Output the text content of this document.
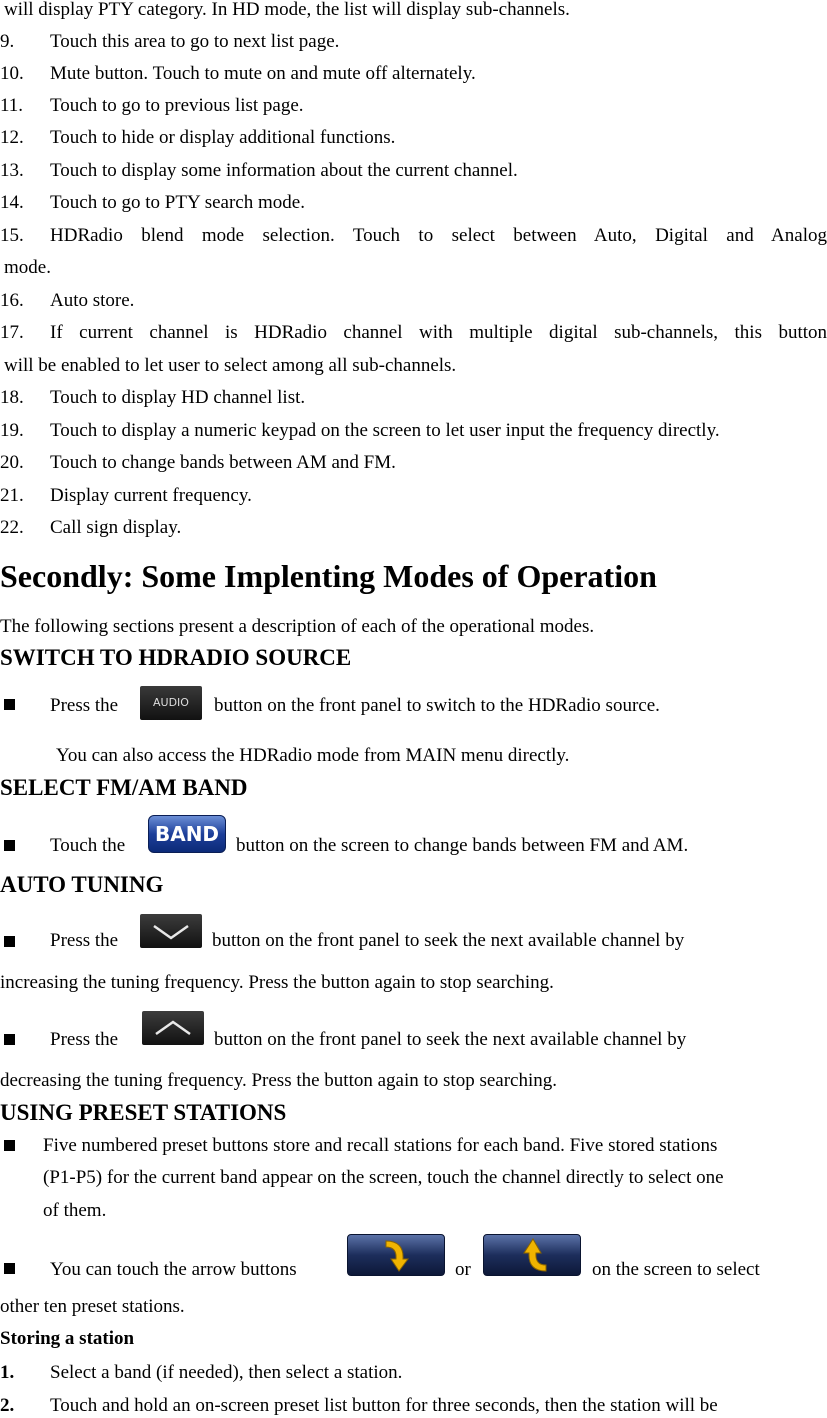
will display PTY category. In HD mode, the list will display sub-channels.
9. Touch this area to go to next list page.
10. Mute button. Touch to mute on and mute off alternately.
11. Touch to go to previous list page.
12. Touch to hide or display additional functions.
13. Touch to display some information about the current channel.
14. Touch to go to PTY search mode.
15. HDRadio blend mode selection. Touch to select between Auto, Digital and Analog
mode.
16. Auto store.
17. If current channel is HDRadio channel with multiple digital sub-channels, this button
will be enabled to let user to select among all sub-channels.
18. Touch to display HD channel list.
19. Touch to display a numeric keypad on the screen to let user input the frequency directly.
20. Touch to change bands between AM and FM.
21. Display current frequency.
22. Call sign display.
Secondly: Some Implenting Modes of Operation
The following sections present a description of each of the operational modes.
SWITCH TO HDRADIO SOURCE
Press the	AUDIO	button on the front panel to switch to the HDRadio source.
You can also access the HDRadio mode from MAIN menu directly.
SELECT FM/AM BAND
Touch the	BAND button on the screen to change bands between FM and AM.
AUTO TUNING
Press the	button on the front panel to seek the next available channel by
increasing the tuning frequency. Press the button again to stop searching.
Press the	button on the front panel to seek the next available channel by
decreasing the tuning frequency. Press the button again to stop searching.
USING PRESET STATIONS
Five numbered preset buttons store and recall stations for each band. Five stored stations
(P1-P5) for the current band appear on the screen, touch the channel directly to select one
of them.
You can touch the arrow buttons	or	on the screen to select
other ten preset stations.
Storing a station
1. Select a band (if needed), then select a station.
2. Touch and hold an on-screen preset list button for three seconds, then the station will be
